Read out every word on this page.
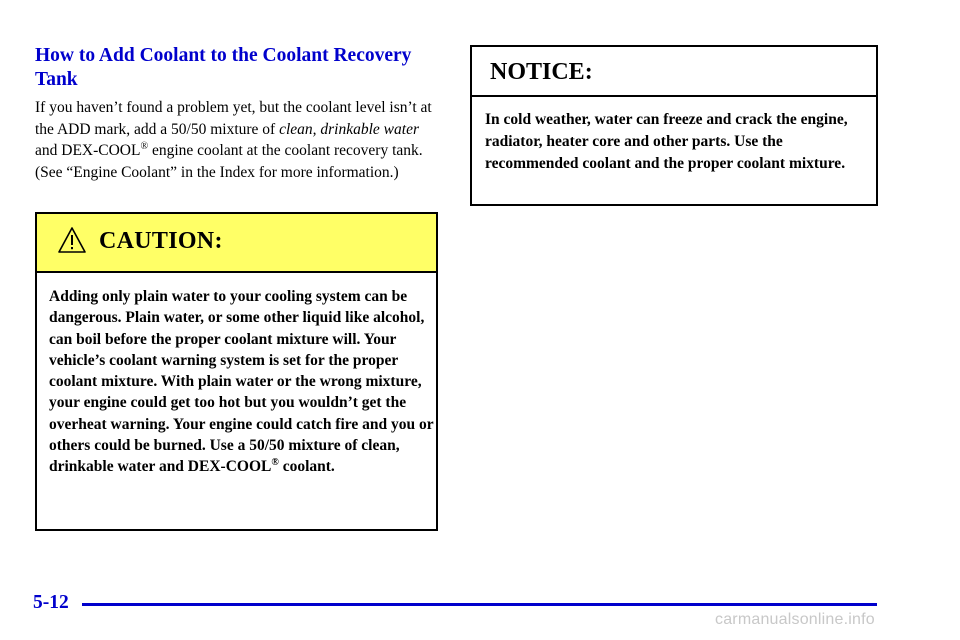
How to Add Coolant to the Coolant Recovery Tank

If you haven’t found a problem yet, but the coolant level isn’t at the ADD mark, add a 50/50 mixture of clean, drinkable water and DEX-COOL® engine coolant at the coolant recovery tank. (See “Engine Coolant” in the Index for more information.)

CAUTION:

Adding only plain water to your cooling system can be dangerous. Plain water, or some other liquid like alcohol, can boil before the proper coolant mixture will. Your vehicle’s coolant warning system is set for the proper coolant mixture. With plain water or the wrong mixture, your engine could get too hot but you wouldn’t get the overheat warning. Your engine could catch fire and you or others could be burned. Use a 50/50 mixture of clean, drinkable water and DEX-COOL® coolant.

NOTICE:

In cold weather, water can freeze and crack the engine, radiator, heater core and other parts. Use the recommended coolant and the proper coolant mixture.

5-12
carmanualsonline.info
